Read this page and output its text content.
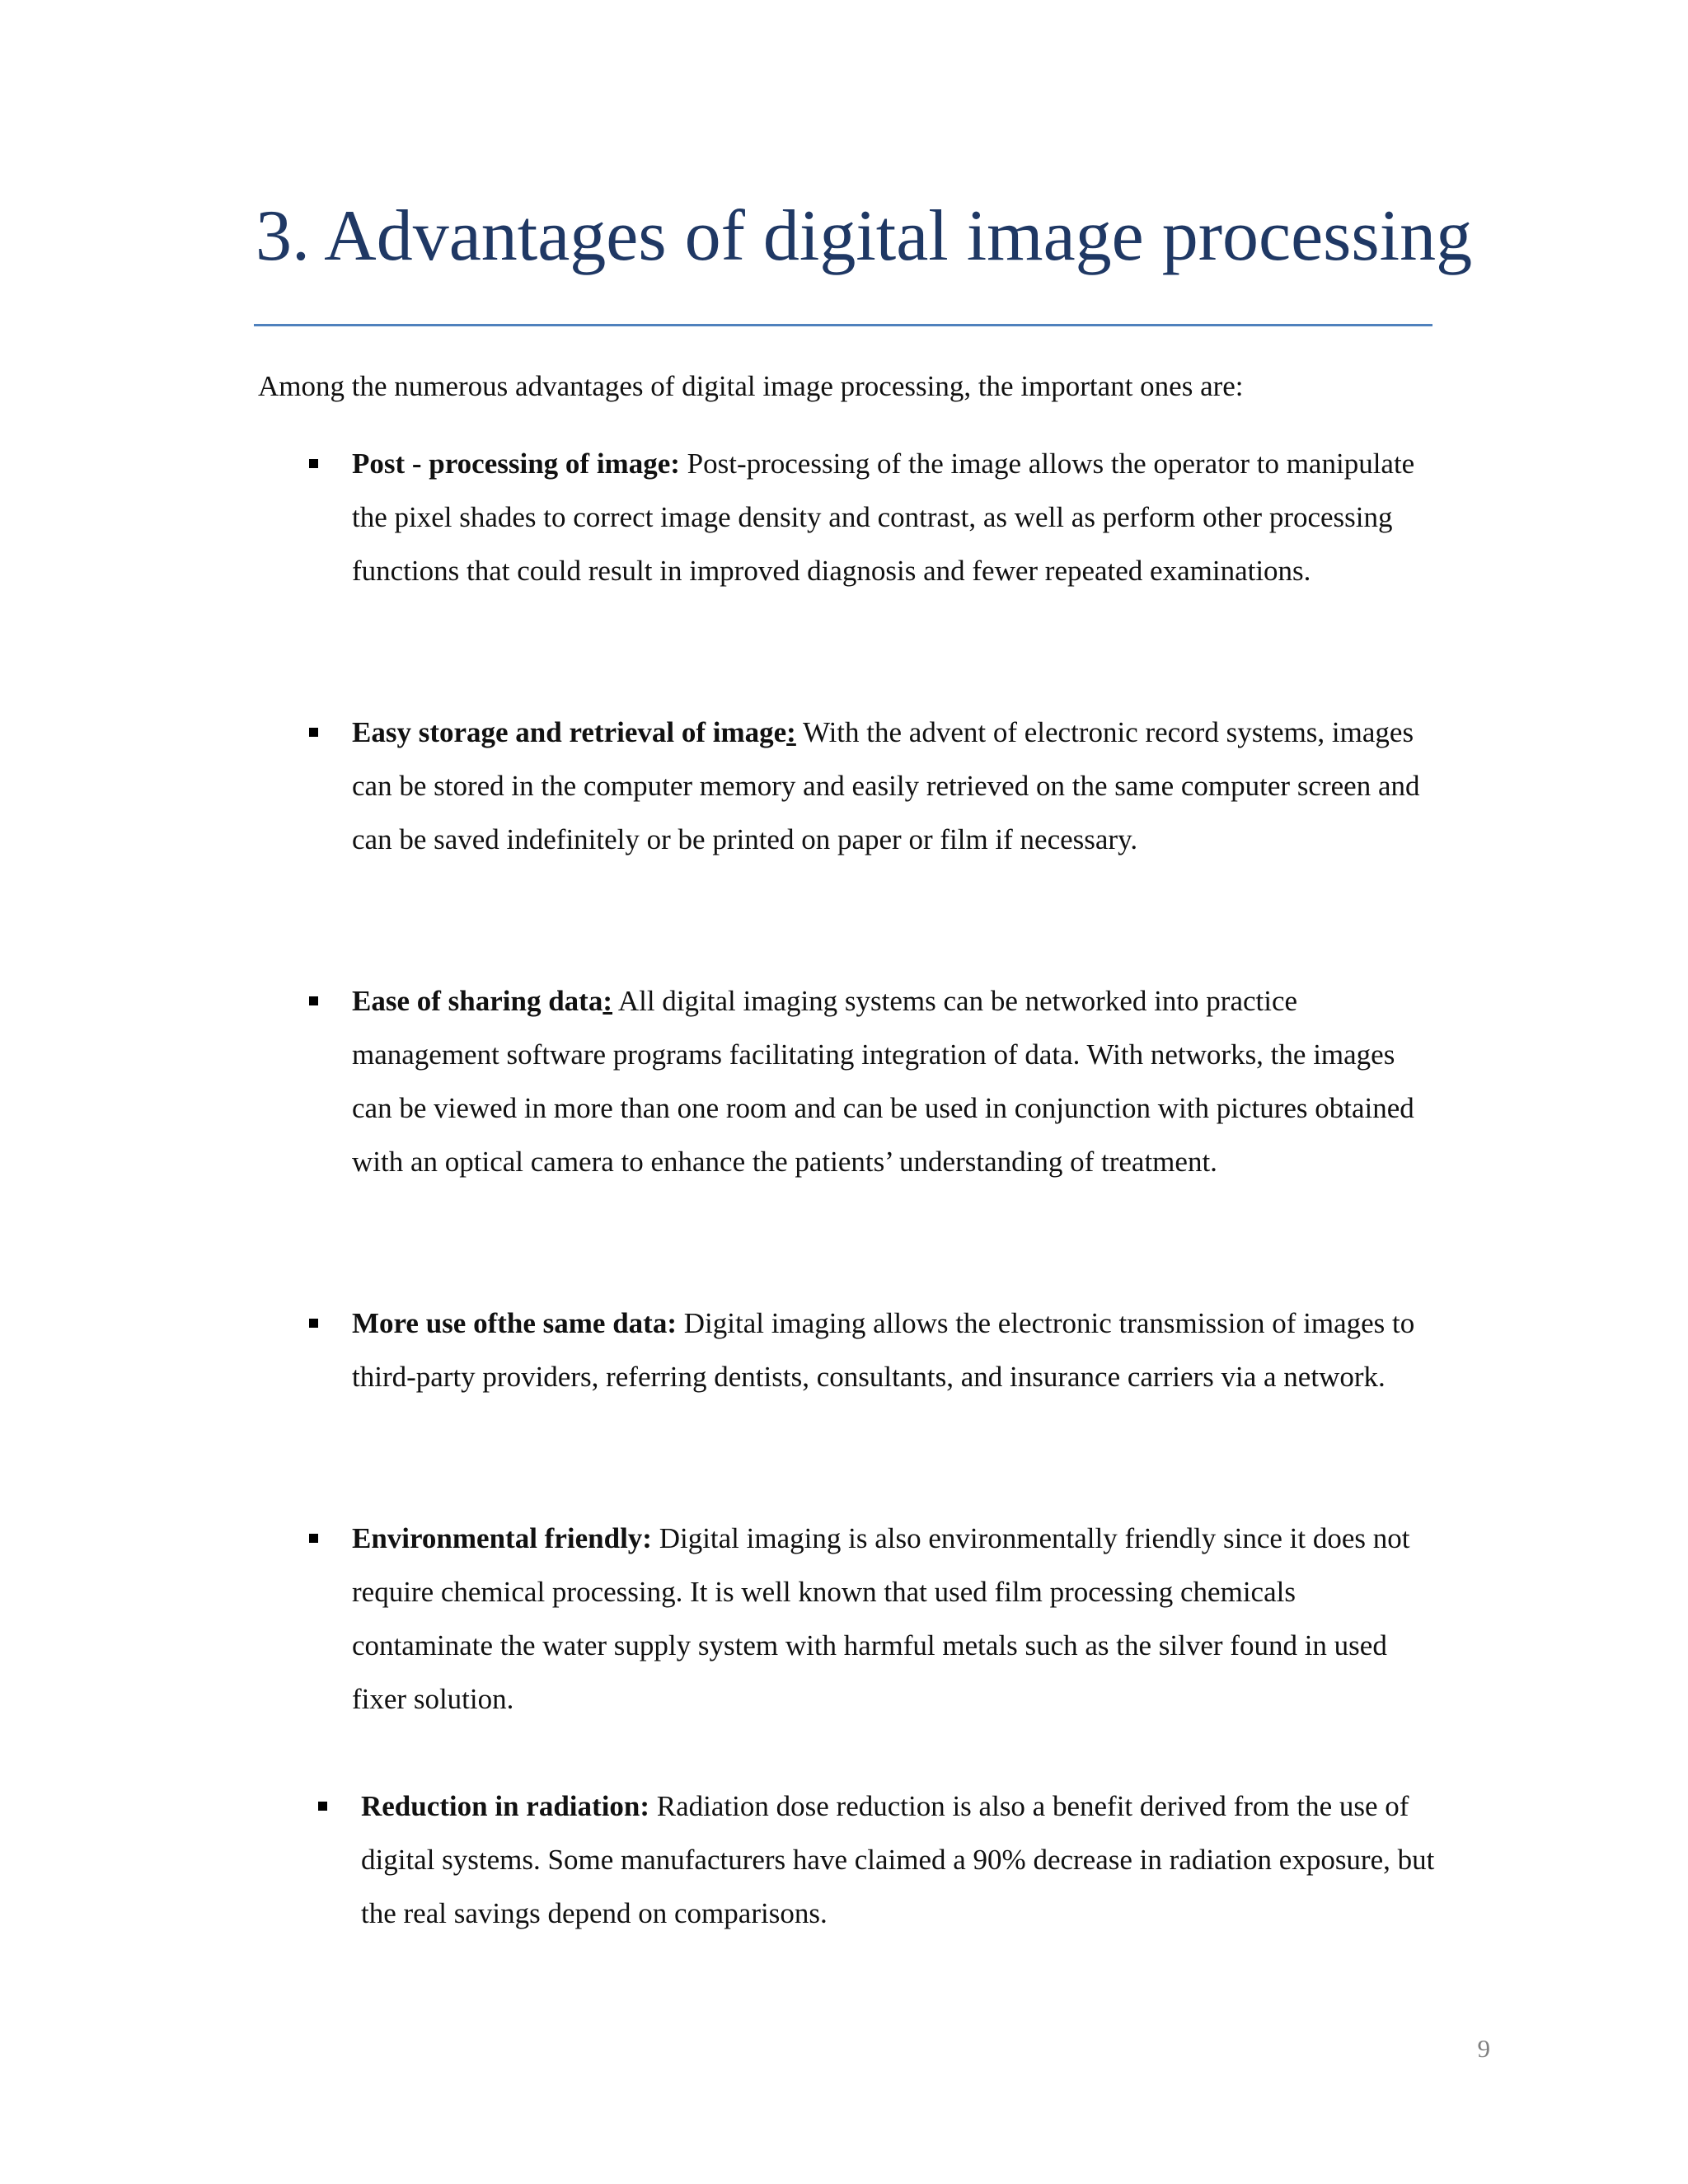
3. Advantages of digital image processing

Among the numerous advantages of digital image processing, the important ones are:

Post - processing of image: Post-processing of the image allows the operator to manipulate the pixel shades to correct image density and contrast, as well as perform other processing functions that could result in improved diagnosis and fewer repeated examinations.
Easy storage and retrieval of image: With the advent of electronic record systems, images can be stored in the computer memory and easily retrieved on the same computer screen and can be saved indefinitely or be printed on paper or film if necessary.
Ease of sharing data: All digital imaging systems can be networked into practice management software programs facilitating integration of data. With networks, the images can be viewed in more than one room and can be used in conjunction with pictures obtained with an optical camera to enhance the patients’ understanding of treatment.
More use ofthe same data: Digital imaging allows the electronic transmission of images to third-party providers, referring dentists, consultants, and insurance carriers via a network.
Environmental friendly: Digital imaging is also environmentally friendly since it does not require chemical processing. It is well known that used film processing chemicals contaminate the water supply system with harmful metals such as the silver found in used fixer solution.
Reduction in radiation: Radiation dose reduction is also a benefit derived from the use of digital systems. Some manufacturers have claimed a 90% decrease in radiation exposure, but the real savings depend on comparisons.
9
